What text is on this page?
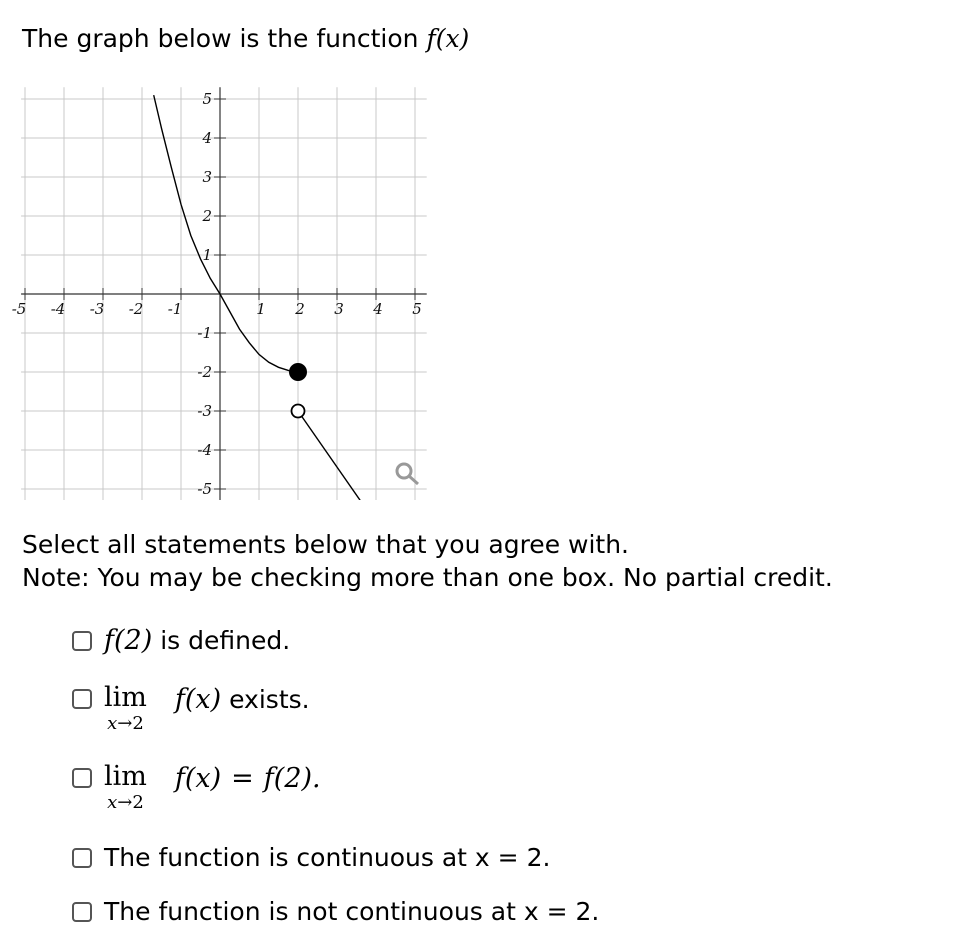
The graph below is the function f(x)
-5 -4 -3 -2 -1	1 2 3 4 5
5
4
3
2
1
-1
-2
-3
-4
-5
Select all statements below that you agree with.
Note: You may be checking more than one box. No partial credit.
f(2) is defined.
lim
x→2
f(x) exists.
lim
x→2
f(x) = f(2).
The function is continuous at x = 2.
The function is not continuous at x = 2.
